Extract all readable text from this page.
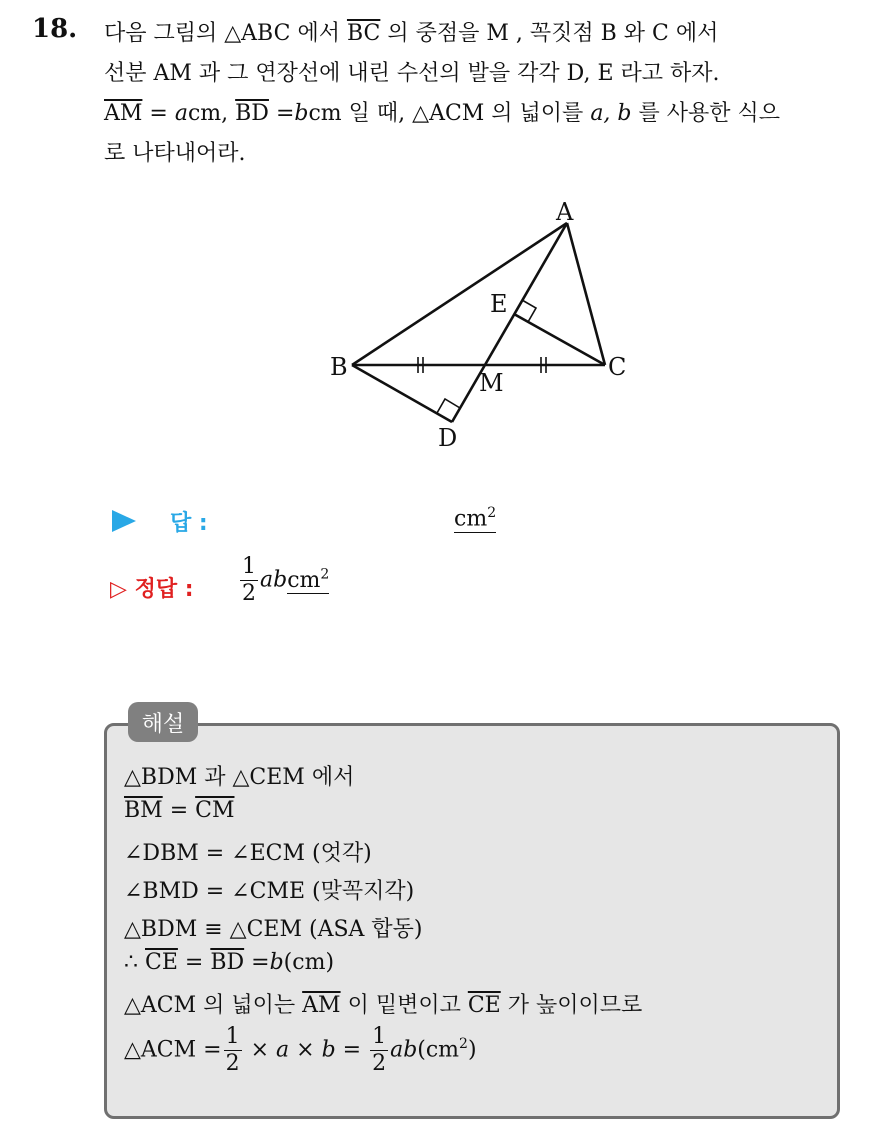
18. 다음 그림의 △ABC 에서 $\overline{BC}$ 의 중점을 M , 꼭짓점 B 와 C 에서
선분 AM 과 그 연장선에 내린 수선의 발을 각각 D, E 라고 하자.
$\overline{AM}$ = acm, $\overline{BD} =bcm$ 일 때, △ACM 의 넓이를 a, b 를 사용한 식으
로 나타내어라.
A
B	C
D
E
M
답 :	$cm^2$
▷ 정답 : $\frac{1}{2}$ abcm$^2$
해설
△BDM 과 △CEM 에서
$\overline{BM} = \overline{CM}$
∠DBM = ∠ECM (엇각)
∠BMD = ∠CME (맞꼭지각)
△BDM ≡ △CEM (ASA 합동)
∴ $\overline{CE} = \overline{BD} =b(cm)$
△ACM 의 넓이는 $\overline{AM}$ 이 밑변이고 $\overline{CE}$ 가 높이이므로
△ACM = $\frac{1}{2} \times a \times b = \frac{1}{2} ab(cm^2)$
